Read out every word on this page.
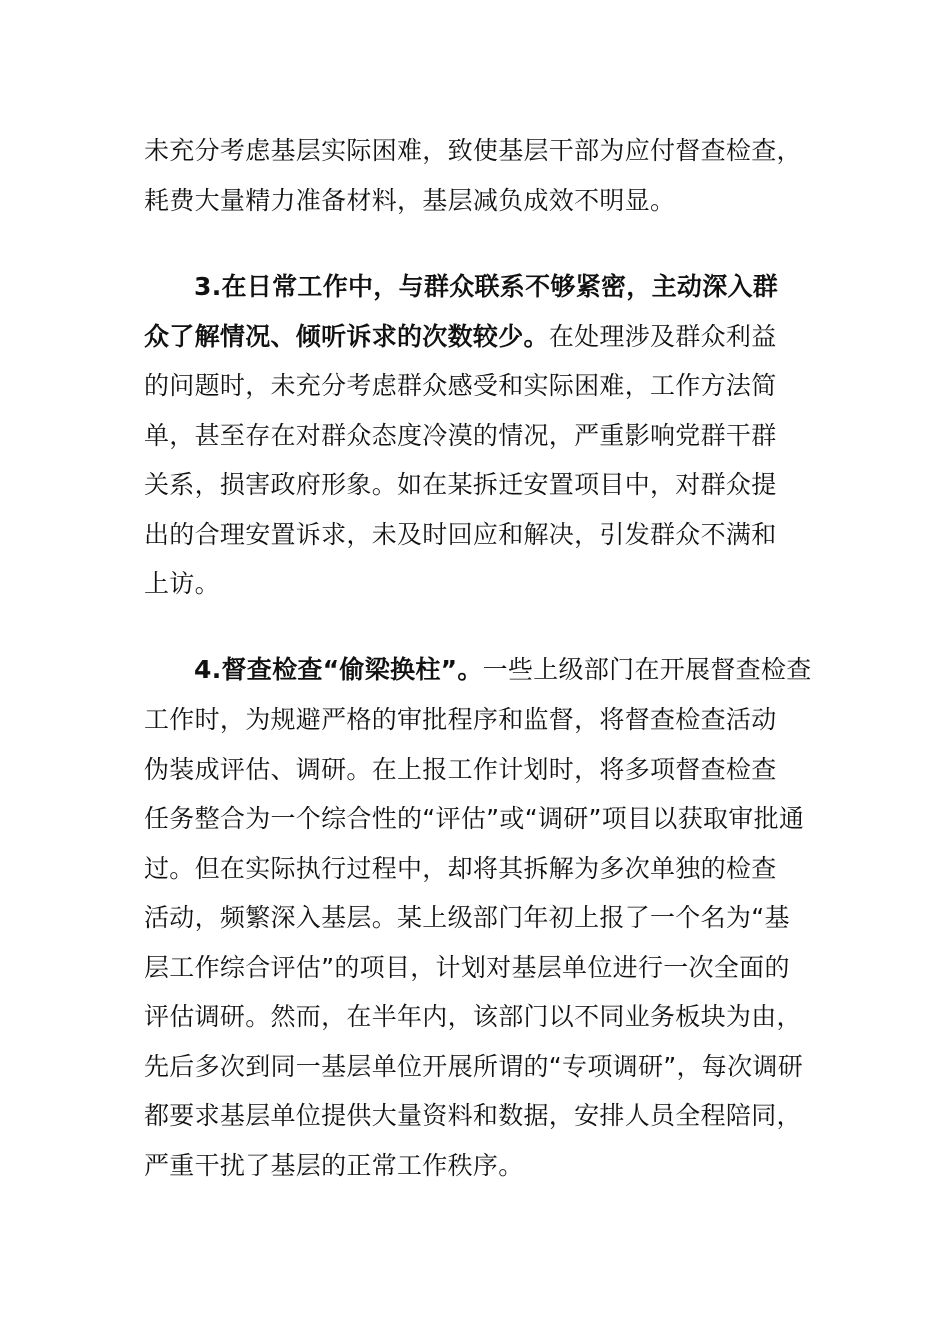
未充分考虑基层实际困难，致使基层干部为应付督查检查，
耗费大量精力准备材料，基层减负成效不明显。
3.在日常工作中，与群众联系不够紧密，主动深入群
众了解情况、倾听诉求的次数较少。在处理涉及群众利益
的问题时，未充分考虑群众感受和实际困难，工作方法简
单，甚至存在对群众态度冷漠的情况，严重影响党群干群
关系，损害政府形象。如在某拆迁安置项目中，对群众提
出的合理安置诉求，未及时回应和解决，引发群众不满和
上访。
4.督查检查“偷梁换柱”。一些上级部门在开展督查检查
工作时，为规避严格的审批程序和监督，将督查检查活动
伪装成评估、调研。在上报工作计划时，将多项督查检查
任务整合为一个综合性的“评估”或“调研”项目以获取审批通
过。但在实际执行过程中，却将其拆解为多次单独的检查
活动，频繁深入基层。某上级部门年初上报了一个名为“基
层工作综合评估”的项目，计划对基层单位进行一次全面的
评估调研。然而，在半年内，该部门以不同业务板块为由，
先后多次到同一基层单位开展所谓的“专项调研”，每次调研
都要求基层单位提供大量资料和数据，安排人员全程陪同，
严重干扰了基层的正常工作秩序。
